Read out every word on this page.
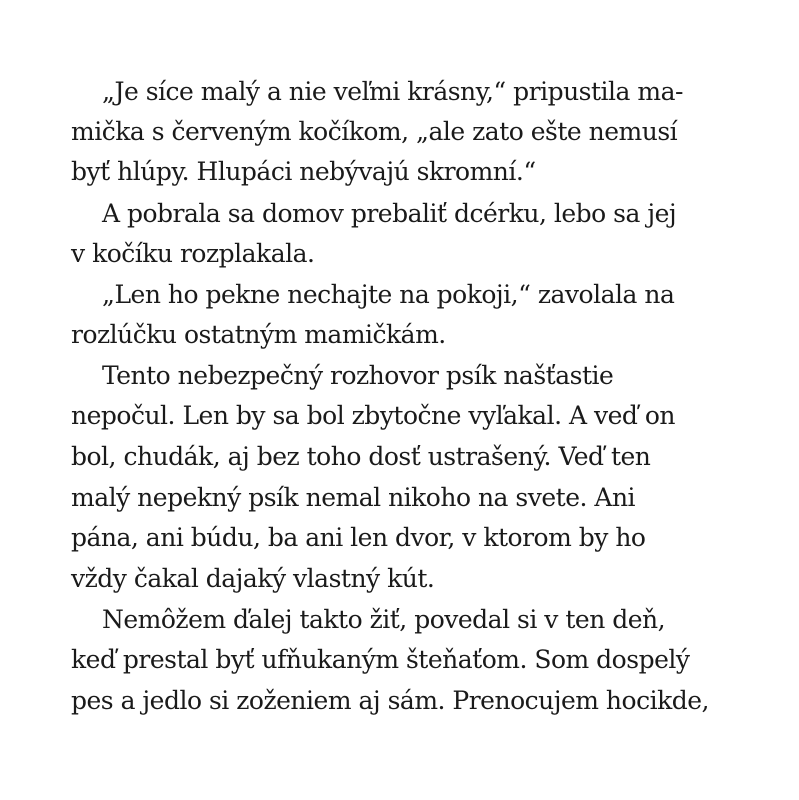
„Je síce malý a nie veľmi krásny,“ pripustila ma-

mička s červeným kočíkom, „ale zato ešte nemusí

byť hlúpy. Hlupáci nebývajú skromní.“

A pobrala sa domov prebaliť dcérku, lebo sa jej

v kočíku rozplakala.

„Len ho pekne nechajte na pokoji,“ zavolala na

rozlúčku ostatným mamičkám.

Tento nebezpečný rozhovor psík našťastie

nepočul. Len by sa bol zbytočne vyľakal. A veď on

bol, chudák, aj bez toho dosť ustrašený. Veď ten

malý nepekný psík nemal nikoho na svete. Ani

pána, ani búdu, ba ani len dvor, v ktorom by ho

vždy čakal dajaký vlastný kút.

Nemôžem ďalej takto žiť, povedal si v ten deň,

keď prestal byť ufňukaným šteňaťom. Som dospelý

pes a jedlo si zoženiem aj sám. Prenocujem hocikde,
